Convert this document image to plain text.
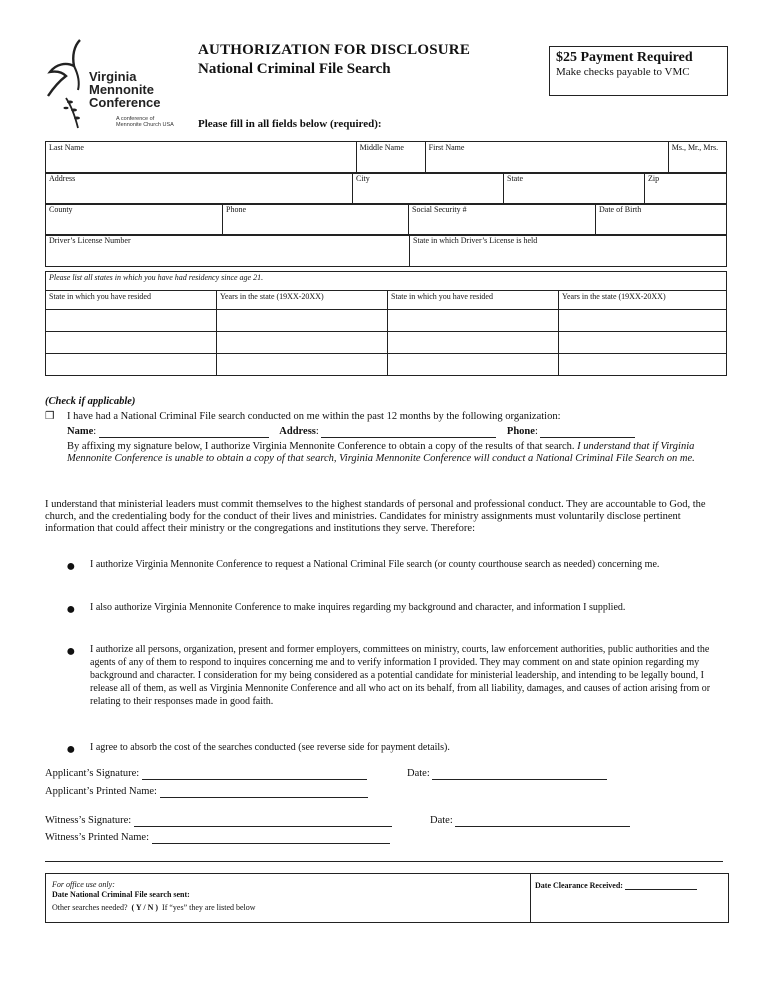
Virginia
Mennonite
Conference
A conference of
Mennonite Church USA
AUTHORIZATION FOR DISCLOSURE
National Criminal File Search
$25 Payment Required
Make checks payable to VMC
Please fill in all fields below (required):
Last Name	Middle Name	First Name	Ms., Mr., Mrs.
Address	City	State	Zip
County	Phone	Social Security #	Date of Birth
Driver’s License Number	State in which Driver’s License is held
Please list all states in which you have had residency since age 21.			
State in which you have resided	Years in the state (19XX-20XX)	State in which you have resided	Years in the state (19XX-20XX)

(Check if applicable)
❒ I have had a National Criminal File search conducted on me within the past 12 months by the following organization:
Name:	Address:	Phone:
By affixing my signature below, I authorize Virginia Mennonite Conference to obtain a copy of the results of that search. I understand that if Virginia Mennonite Conference is unable to obtain a copy of that search, Virginia Mennonite Conference will conduct a National Criminal File Search on me.
I understand that ministerial leaders must commit themselves to the highest standards of personal and professional conduct. They are accountable to God, the church, and the credentialing body for the conduct of their lives and ministries. Candidates for ministry assignments must voluntarily disclose pertinent information that could affect their ministry or the congregations and institutions they serve. Therefore:
● I authorize Virginia Mennonite Conference to request a National Criminal File search (or county courthouse search as needed) concerning me.
● I also authorize Virginia Mennonite Conference to make inquires regarding my background and character, and information I supplied.
● I authorize all persons, organization, present and former employers, committees on ministry, courts, law enforcement authorities, public authorities and the agents of any of them to respond to inquires concerning me and to verify information I provided. They may comment on and state opinion regarding my background and character. I consideration for my being considered as a potential candidate for ministerial leadership, and intending to be legally bound, I release all of them, as well as Virginia Mennonite Conference and all who act on its behalf, from all liability, damages, and causes of action arising from or relating to their responses made in good faith.
● I agree to absorb the cost of the searches conducted (see reverse side for payment details).
Applicant’s Signature:	Date:
Applicant’s Printed Name:
Witness’s Signature:	Date:
Witness’s Printed Name:
For office use only:
Date National Criminal File search sent:
Other searches needed? ( Y / N ) If “yes” they are listed below
Date Clearance Received:
